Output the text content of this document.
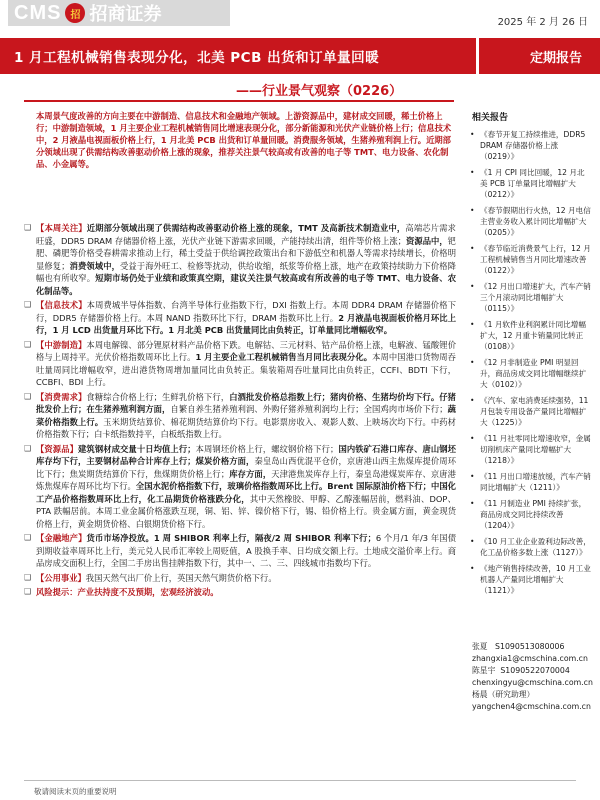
CMS 招 招商证券	2025 年 2 月 26 日
1 月工程机械销售表现分化，北美 PCB 出货和订单量回暖	定期报告
——行业景气观察（0226）
本周景气度改善的方向主要在中游制造、信息技术和金融地产领域。上游资源品中，建材成交回暖，稀土价格上行；中游制造领域，1 月主要企业工程机械销售同比增速表现分化，部分新能源和光伏产业链价格上行；信息技术中，2 月液晶电视面板价格上行，1 月北美 PCB 出货和订单量回暖。消费服务领域，生猪养殖利润上行。近期部分领域出现了供需结构改善驱动价格上涨的现象，推荐关注景气较高或有改善的电子等 TMT、电力设备、农化制品、小金属等。
❑ 【本周关注】近期部分领域出现了供需结构改善驱动价格上涨的现象，TMT 及高新技术制造业中，高端芯片需求旺盛，DDR5 DRAM 存储器价格上涨，光伏产业链下游需求回暖，产能持续出清，组件等价格上涨；资源品中，钯肥、磷肥等价格受春耕需求推动上行，稀土受益于供给调控政策出台和下游低空和机器人等需求持续增长，价格明显修复；消费领域中，受益于海外旺工、检修等扰动，供给收缩，纸浆等价格上涨，地产在政策持续助力下价格降幅也有所收窄。短期市场仍处于业绩和政策真空期，建议关注景气较高或有所改善的电子等 TMT、电力设备、农化制品等。
❑ 【信息技术】本周费城半导体指数、台湾半导体行业指数下行，DXI 指数上行。本周 DDR4 DRAM 存储器价格下行，DDR5 存储器价格上行。本周 NAND 指数环比下行，DRAM 指数环比上行。2 月液晶电视面板价格月环比上行，1 月 LCD 出货量月环比下行。1 月北美 PCB 出货量同比由负转正，订单量同比增幅收窄。
❑ 【中游制造】本周电解镍、部分锂原材料产品价格下跌。电解钴、三元材料、钴产品价格上涨，电解液、锰酸锂价格与上周持平。光伏价格指数周环比上行。1 月主要企业工程机械销售当月同比表现分化。本周中国港口货物周吞吐量周同比增幅收窄，进出港货物周增加量同比由负转正。集装箱周吞吐量同比由负转正，CCFI、BDTI 下行，CCBFI、BDI 上行。
❑ 【消费需求】食糖综合价格上行；生鲜乳价格下行，白酒批发价格总指数上行；猪肉价格、生猪均价均下行。仔猪批发价上行；在生猪养殖利润方面，自繁自养生猪养殖利润、外购仔猪养殖利润均上行；全国鸡肉市场价下行；蔬菜价格指数上行。玉米期货结算价、棉花期货结算价均下行。电影票房收入、观影人数、上映场次均下行。中药材价格指数下行；白卡纸指数持平，白板纸指数上行。
❑ 【资源品】建筑钢材成交量十日均值上行；本周钢坯价格上行，螺纹钢价格下行；国内铁矿石港口库存、唐山钢坯库存均下行，主要钢材品种合计库存上行；煤炭价格方面，秦皇岛山西优混平仓价，京唐港山西主焦煤库提价周环比下行；焦炭期货结算价下行，焦煤期货价格上行；库存方面，天津港焦炭库存上行，秦皇岛港煤炭库存、京唐港炼焦煤库存周环比均下行。全国水泥价格指数下行，玻璃价格指数周环比上行。Brent 国际原油价格下行；中国化工产品价格指数周环比上行，化工品期货价格涨跌分化，其中天然橡胶、甲醇、乙醇涨幅居前，燃料油、DOP、PTA 跌幅居前。本周工业金属价格涨跌互现，铜、铝、锌、镍价格下行，锡、铅价格上行。贵金属方面，黄金现货价格上行，黄金期货价格、白银期货价格下行。
❑ 【金融地产】货币市场净投放。1 周 SHIBOR 利率上行，隔夜/2 周 SHIBOR 利率下行；6 个月/1 年/3 年国债到期收益率周环比上行，美元兑人民币汇率较上周贬值，A 股换手率、日均成交额上行。土地成交溢价率上行。商品房成交面积上行，全国二手房出售挂牌指数下行，其中一、二、三、四线城市指数均下行。
❑ 【公用事业】我国天然气出厂价上行，英国天然气期货价格下行。
❑ 风险提示：产业扶持度不及预期，宏观经济波动。
相关报告
• 《春节开复工持续推进，DDR5 DRAM 存储器价格上涨（0219）》
• 《1 月 CPI 同比回暖，12 月北美 PCB 订单量同比增幅扩大（0212）》
• 《春节假期出行火热，12 月电信主营业务收入累计同比增幅扩大（0205）》
• 《春节临近消费景气上行，12 月工程机械销售当月同比增速改善（0122）》
• 《12 月出口增速扩大，汽车产销三个月滚动同比增幅扩大（0115）》
• 《1 月软件业利润累计同比增幅扩大，12 月重卡销量同比转正（0108）》
• 《12 月非制造业 PMI 明显回升，商品房成交同比增幅继续扩大（0102）》
• 《汽车、家电消费延续强势，11 月包装专用设备产量同比增幅扩大（1225）》
• 《11 月社零同比增速收窄，金属切削机床产量同比增幅扩大（1218）》
• 《11 月出口增速放缓，汽车产销同比增幅扩大（1211）》
• 《11 月制造业 PMI 持续扩张，商品房成交同比持续改善（1204）》
• 《10 月工业企业盈利边际改善，化工品价格多数上涨（1127）》
• 《地产销售持续改善，10 月工业机器人产量同比增幅扩大（1121）》
张夏 S1090513080006
zhangxia1@cmschina.com.cn
陈星宇 S1090522070004
chenxingyu@cmschina.com.cn
杨晨（研究助理）
yangchen4@cmschina.com.cn
敬请阅读末页的重要说明
